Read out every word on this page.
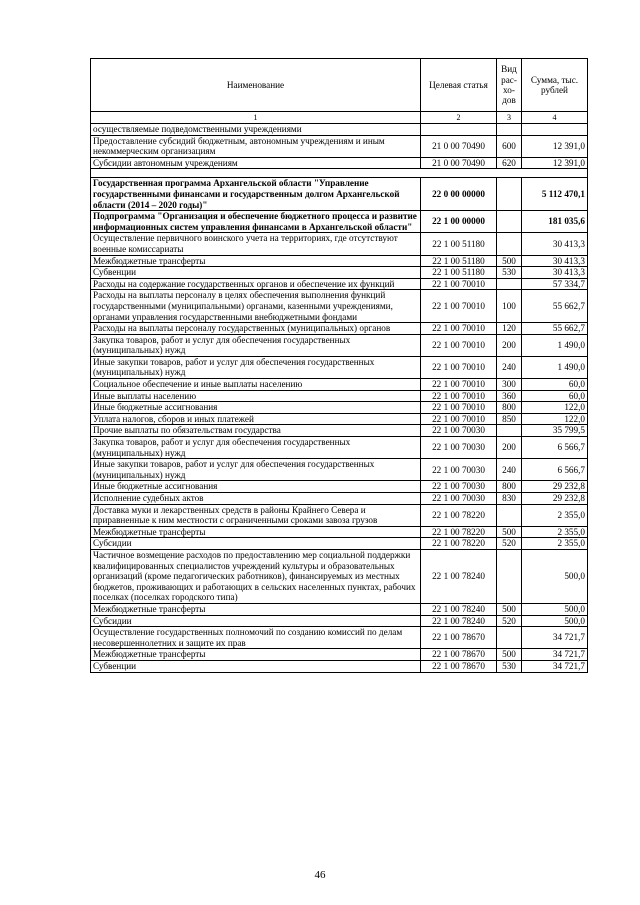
Наименование	Целевая статья	Вид рас-хо-дов	Сумма, тыс. рублей
1	2	3	4
осуществляемые подведомственными учреждениями			
Предоставление субсидий бюджетным, автономным учреждениям и иным некоммерческим организациям	21 0 00 70490	600	12 391,0
Субсидии автономным учреждениям	21 0 00 70490	620	12 391,0

Государственная программа Архангельской области "Управление государственными финансами и государственным долгом Архангельской области (2014 – 2020 годы)"	22 0 00 00000		5 112 470,1
Подпрограмма "Организация и обеспечение бюджетного процесса и развитие информационных систем управления финансами в Архангельской области"	22 1 00 00000		181 035,6
Осуществление первичного воинского учета на территориях, где отсутствуют военные комиссариаты	22 1 00 51180		30 413,3
Межбюджетные трансферты	22 1 00 51180	500	30 413,3
Субвенции	22 1 00 51180	530	30 413,3
Расходы на содержание государственных органов и обеспечение их функций	22 1 00 70010		57 334,7
Расходы на выплаты персоналу в целях обеспечения выполнения функций государственными (муниципальными) органами, казенными учреждениями, органами управления государственными внебюджетными фондами	22 1 00 70010	100	55 662,7
Расходы на выплаты персоналу государственных (муниципальных) органов	22 1 00 70010	120	55 662,7
Закупка товаров, работ и услуг для обеспечения государственных (муниципальных) нужд	22 1 00 70010	200	1 490,0
Иные закупки товаров, работ и услуг для обеспечения государственных (муниципальных) нужд	22 1 00 70010	240	1 490,0
Социальное обеспечение и иные выплаты населению	22 1 00 70010	300	60,0
Иные выплаты населению	22 1 00 70010	360	60,0
Иные бюджетные ассигнования	22 1 00 70010	800	122,0
Уплата налогов, сборов и иных платежей	22 1 00 70010	850	122,0
Прочие выплаты по обязательствам государства	22 1 00 70030		35 799,5
Закупка товаров, работ и услуг для обеспечения государственных (муниципальных) нужд	22 1 00 70030	200	6 566,7
Иные закупки товаров, работ и услуг для обеспечения государственных (муниципальных) нужд	22 1 00 70030	240	6 566,7
Иные бюджетные ассигнования	22 1 00 70030	800	29 232,8
Исполнение судебных актов	22 1 00 70030	830	29 232,8
Доставка муки и лекарственных средств в районы Крайнего Севера и приравненные к ним местности с ограниченными сроками завоза грузов	22 1 00 78220		2 355,0
Межбюджетные трансферты	22 1 00 78220	500	2 355,0
Субсидии	22 1 00 78220	520	2 355,0
Частичное возмещение расходов по предоставлению мер социальной поддержки квалифицированных специалистов учреждений культуры и образовательных организаций (кроме педагогических работников), финансируемых из местных бюджетов, проживающих и работающих в сельских населенных пунктах, рабочих поселках (поселках городского типа)	22 1 00 78240		500,0
Межбюджетные трансферты	22 1 00 78240	500	500,0
Субсидии	22 1 00 78240	520	500,0
Осуществление государственных полномочий по созданию комиссий по делам несовершеннолетних и защите их прав	22 1 00 78670		34 721,7
Межбюджетные трансферты	22 1 00 78670	500	34 721,7
Субвенции	22 1 00 78670	530	34 721,7
46
